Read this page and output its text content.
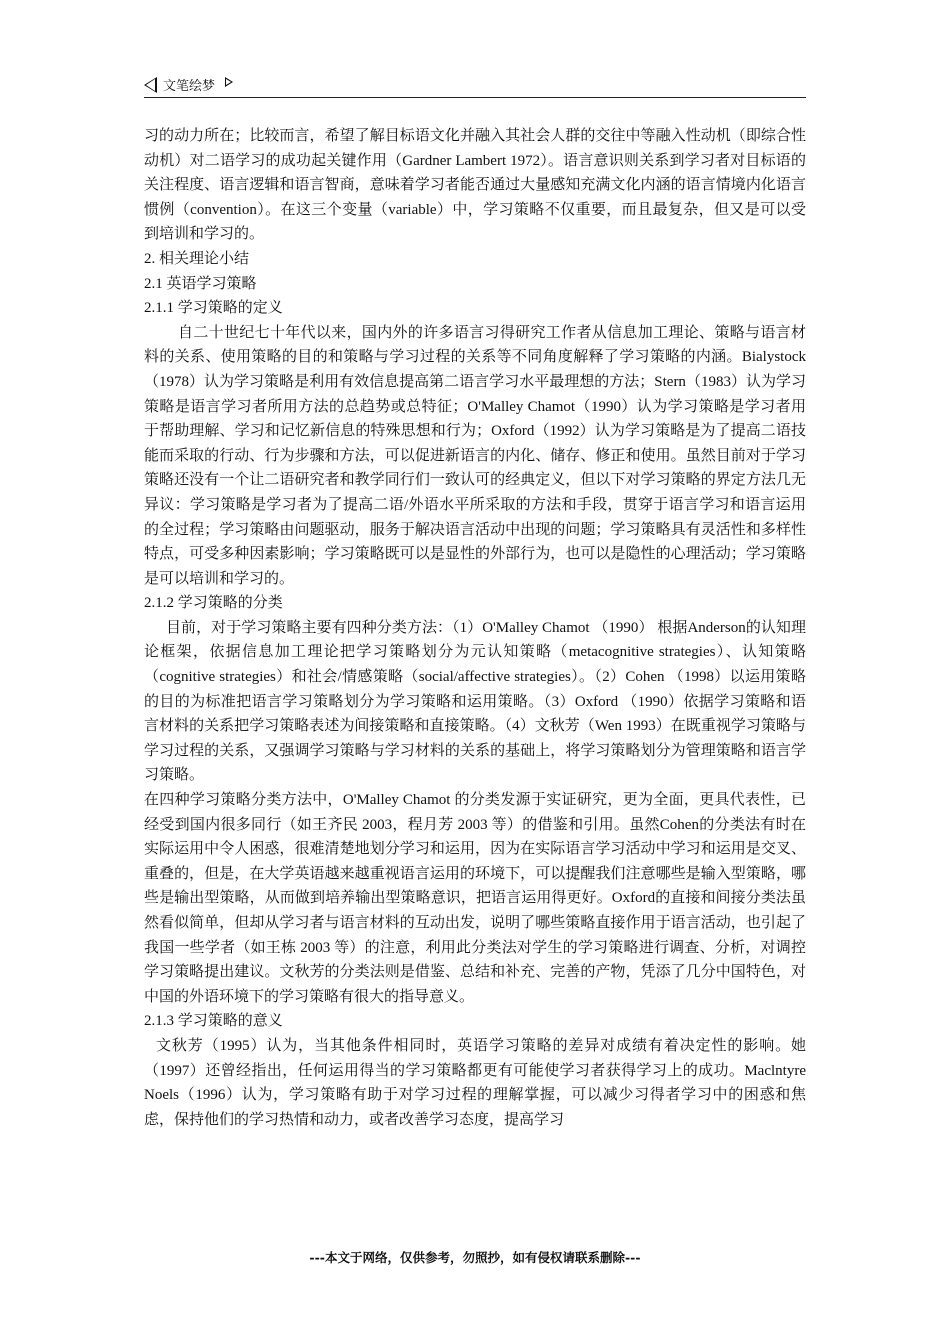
文笔绘梦

习的动力所在；比较而言，希望了解目标语文化并融入其社会人群的交往中等融入性动机（即综合性动机）对二语学习的成功起关键作用（Gardner Lambert 1972）。语言意识则关系到学习者对目标语的关注程度、语言逻辑和语言智商，意味着学习者能否通过大量感知充满文化内涵的语言情境内化语言惯例（convention）。在这三个变量（variable）中，学习策略不仅重要，而且最复杂，但又是可以受到培训和学习的。

2. 相关理论小结

2.1 英语学习策略

2.1.1 学习策略的定义

自二十世纪七十年代以来，国内外的许多语言习得研究工作者从信息加工理论、策略与语言材料的关系、使用策略的目的和策略与学习过程的关系等不同角度解释了学习策略的内涵。Bialystock（1978）认为学习策略是利用有效信息提高第二语言学习水平最理想的方法；Stern（1983）认为学习策略是语言学习者所用方法的总趋势或总特征；O'Malley Chamot（1990）认为学习策略是学习者用于帮助理解、学习和记忆新信息的特殊思想和行为；Oxford（1992）认为学习策略是为了提高二语技能而采取的行动、行为步骤和方法，可以促进新语言的内化、储存、修正和使用。虽然目前对于学习策略还没有一个让二语研究者和教学同行们一致认可的经典定义，但以下对学习策略的界定方法几无异议：学习策略是学习者为了提高二语/外语水平所采取的方法和手段，贯穿于语言学习和语言运用的全过程；学习策略由问题驱动，服务于解决语言活动中出现的问题；学习策略具有灵活性和多样性特点，可受多种因素影响；学习策略既可以是显性的外部行为，也可以是隐性的心理活动；学习策略是可以培训和学习的。

2.1.2 学习策略的分类

目前，对于学习策略主要有四种分类方法：（1）O'Malley Chamot （1990） 根据Anderson的认知理论框架，依据信息加工理论把学习策略划分为元认知策略（metacognitive strategies）、认知策略（cognitive strategies）和社会/情感策略（social/affective strategies）。（2）Cohen （1998）以运用策略的目的为标准把语言学习策略划分为学习策略和运用策略。（3）Oxford （1990）依据学习策略和语言材料的关系把学习策略表述为间接策略和直接策略。（4）文秋芳（Wen 1993）在既重视学习策略与学习过程的关系，又强调学习策略与学习材料的关系的基础上，将学习策略划分为管理策略和语言学习策略。

在四种学习策略分类方法中，O'Malley Chamot 的分类发源于实证研究，更为全面，更具代表性，已经受到国内很多同行（如王齐民 2003，程月芳 2003 等）的借鉴和引用。虽然Cohen的分类法有时在实际运用中令人困惑，很难清楚地划分学习和运用，因为在实际语言学习活动中学习和运用是交叉、重叠的，但是，在大学英语越来越重视语言运用的环境下，可以提醒我们注意哪些是输入型策略，哪些是输出型策略，从而做到培养输出型策略意识，把语言运用得更好。Oxford的直接和间接分类法虽然看似简单，但却从学习者与语言材料的互动出发，说明了哪些策略直接作用于语言活动，也引起了我国一些学者（如王栋 2003 等）的注意，利用此分类法对学生的学习策略进行调查、分析，对调控学习策略提出建议。文秋芳的分类法则是借鉴、总结和补充、完善的产物，凭添了几分中国特色，对中国的外语环境下的学习策略有很大的指导意义。

2.1.3 学习策略的意义

文秋芳（1995）认为，当其他条件相同时，英语学习策略的差异对成绩有着决定性的影响。她（1997）还曾经指出，任何运用得当的学习策略都更有可能使学习者获得学习上的成功。Maclntyre Noels（1996）认为，学习策略有助于对学习过程的理解掌握，可以减少习得者学习中的困惑和焦虑，保持他们的学习热情和动力，或者改善学习态度，提高学习

---本文于网络，仅供参考，勿照抄，如有侵权请联系删除---
